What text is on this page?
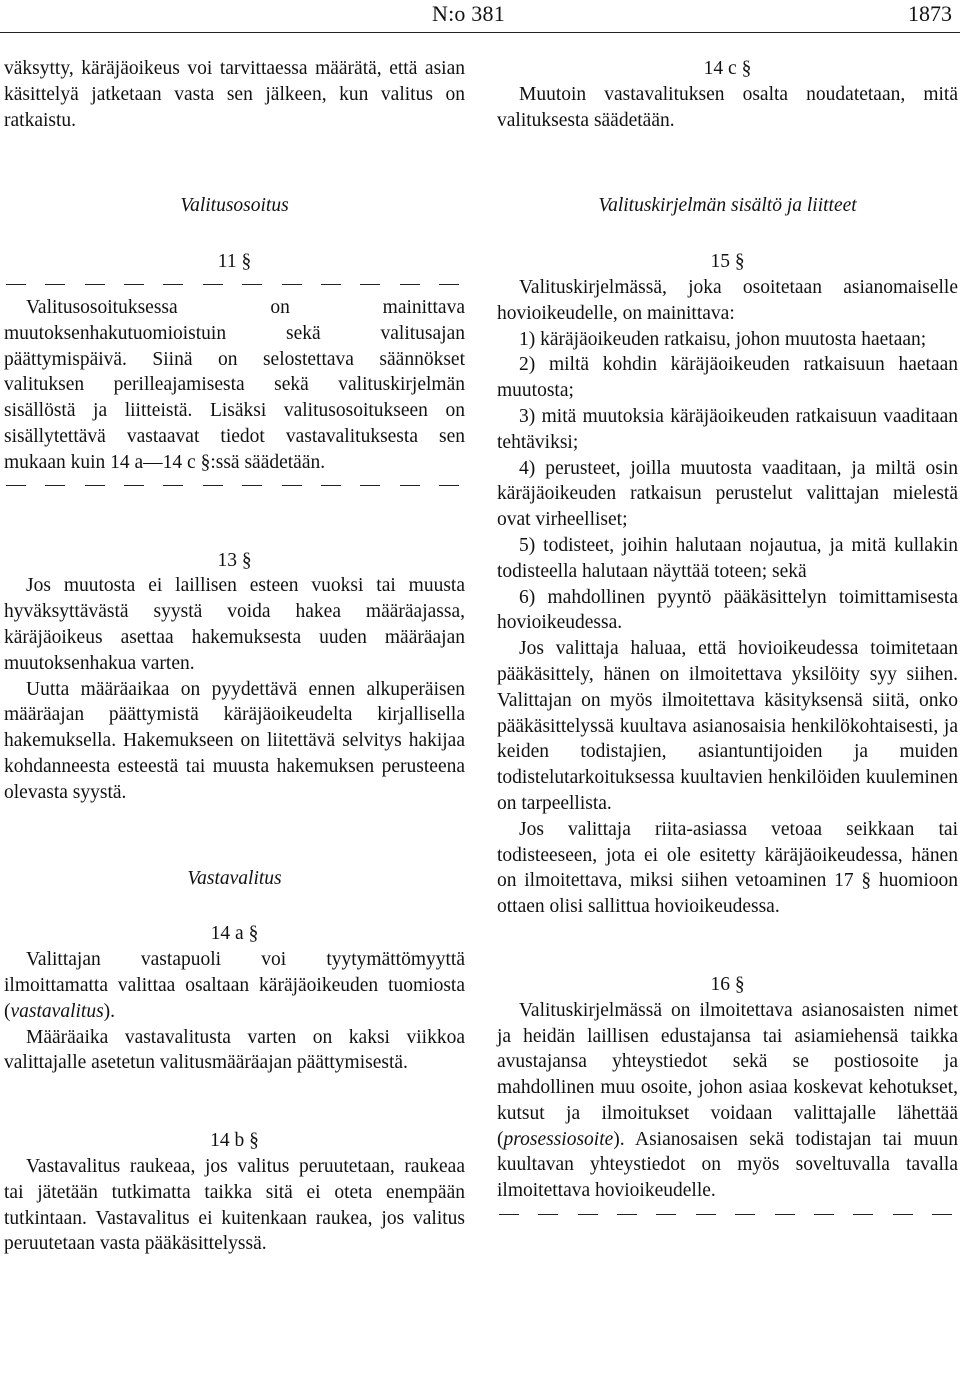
N:o 381	1873

väksytty, käräjäoikeus voi tarvittaessa määrätä, että asian käsittelyä jatketaan vasta sen jälkeen, kun valitus on ratkaistu.

Valitusosoitus
11 §

Valitusosoituksessa on mainittava muutoksenhakutuomioistuin sekä valitusajan päättymispäivä. Siinä on selostettava säännökset valituksen perilleajamisesta sekä valituskirjelmän sisällöstä ja liitteistä. Lisäksi valitusosoitukseen on sisällytettävä vastaavat tiedot vastavalituksesta sen mukaan kuin 14 a—14 c §:ssä säädetään.

13 §

Jos muutosta ei laillisen esteen vuoksi tai muusta hyväksyttävästä syystä voida hakea määräajassa, käräjäoikeus asettaa hakemuksesta uuden määräajan muutoksenhakua varten.

Uutta määräaikaa on pyydettävä ennen alkuperäisen määräajan päättymistä käräjäoikeudelta kirjallisella hakemuksella. Hakemukseen on liitettävä selvitys hakijaa kohdanneesta esteestä tai muusta hakemuksen perusteena olevasta syystä.

Vastavalitus
14 a §

Valittajan vastapuoli voi tyytymättömyyttä ilmoittamatta valittaa osaltaan käräjäoikeuden tuomiosta (vastavalitus).

Määräaika vastavalitusta varten on kaksi viikkoa valittajalle asetetun valitusmääräajan päättymisestä.

14 b §

Vastavalitus raukeaa, jos valitus peruutetaan, raukeaa tai jätetään tutkimatta taikka sitä ei oteta enempään tutkintaan. Vastavalitus ei kuitenkaan raukea, jos valitus peruutetaan vasta pääkäsittelyssä.

14 c §

Muutoin vastavalituksen osalta noudatetaan, mitä valituksesta säädetään.

Valituskirjelmän sisältö ja liitteet
15 §

Valituskirjelmässä, joka osoitetaan asianomaiselle hovioikeudelle, on mainittava:

1) käräjäoikeuden ratkaisu, johon muutosta haetaan;

2) miltä kohdin käräjäoikeuden ratkaisuun haetaan muutosta;

3) mitä muutoksia käräjäoikeuden ratkaisuun vaaditaan tehtäviksi;

4) perusteet, joilla muutosta vaaditaan, ja miltä osin käräjäoikeuden ratkaisun perustelut valittajan mielestä ovat virheelliset;

5) todisteet, joihin halutaan nojautua, ja mitä kullakin todisteella halutaan näyttää toteen; sekä

6) mahdollinen pyyntö pääkäsittelyn toimittamisesta hovioikeudessa.

Jos valittaja haluaa, että hovioikeudessa toimitetaan pääkäsittely, hänen on ilmoitettava yksilöity syy siihen. Valittajan on myös ilmoitettava käsityksensä siitä, onko pääkäsittelyssä kuultava asianosaisia henkilökohtaisesti, ja keiden todistajien, asiantuntijoiden ja muiden todistelutarkoituksessa kuultavien henkilöiden kuuleminen on tarpeellista.

Jos valittaja riita-asiassa vetoaa seikkaan tai todisteeseen, jota ei ole esitetty käräjäoikeudessa, hänen on ilmoitettava, miksi siihen vetoaminen 17 § huomioon ottaen olisi sallittua hovioikeudessa.

16 §

Valituskirjelmässä on ilmoitettava asianosaisten nimet ja heidän laillisen edustajansa tai asiamiehensä taikka avustajansa yhteystiedot sekä se postiosoite ja mahdollinen muu osoite, johon asiaa koskevat kehotukset, kutsut ja ilmoitukset voidaan valittajalle lähettää (prosessiosoite). Asianosaisen sekä todistajan tai muun kuultavan yhteystiedot on myös soveltuvalla tavalla ilmoitettava hovioikeudelle.
